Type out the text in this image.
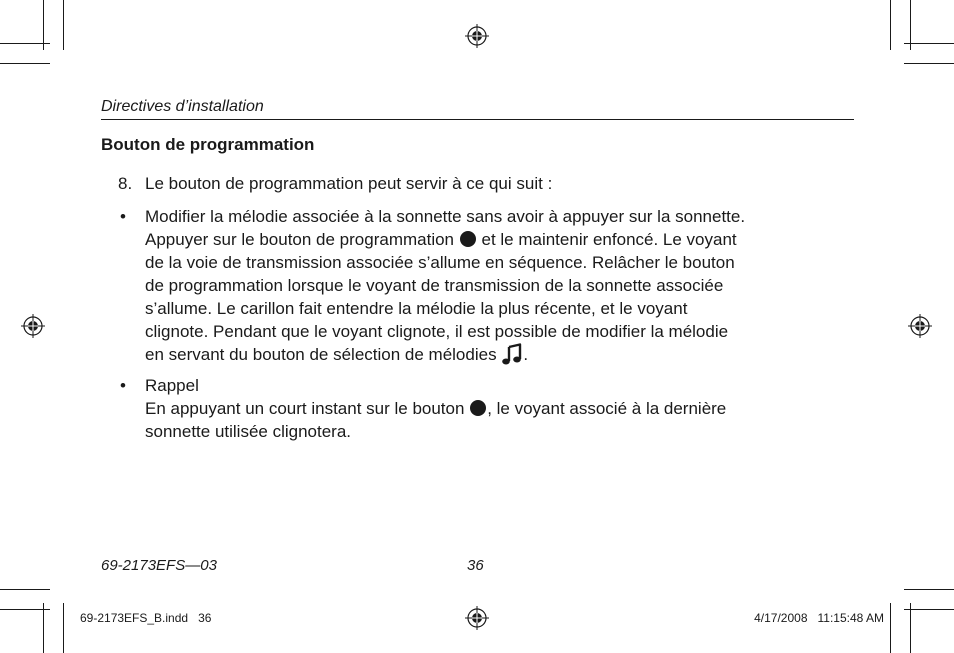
Directives d’installation
Bouton de programmation
8. Le bouton de programmation peut servir à ce qui suit :
• Modifier la mélodie associée à la sonnette sans avoir à appuyer sur la sonnette.
Appuyer sur le bouton de programmation et le maintenir enfoncé. Le voyant
de la voie de transmission associée s’allume en séquence. Relâcher le bouton
de programmation lorsque le voyant de transmission de la sonnette associée
s’allume. Le carillon fait entendre la mélodie la plus récente, et le voyant
clignote. Pendant que le voyant clignote, il est possible de modifier la mélodie
en servant du bouton de sélection de mélodies .
• Rappel
En appuyant un court instant sur le bouton , le voyant associé à la dernière
sonnette utilisée clignotera.
69-2173EFS—03	36
69-2173EFS_B.indd   36	4/17/2008   11:15:48 AM
